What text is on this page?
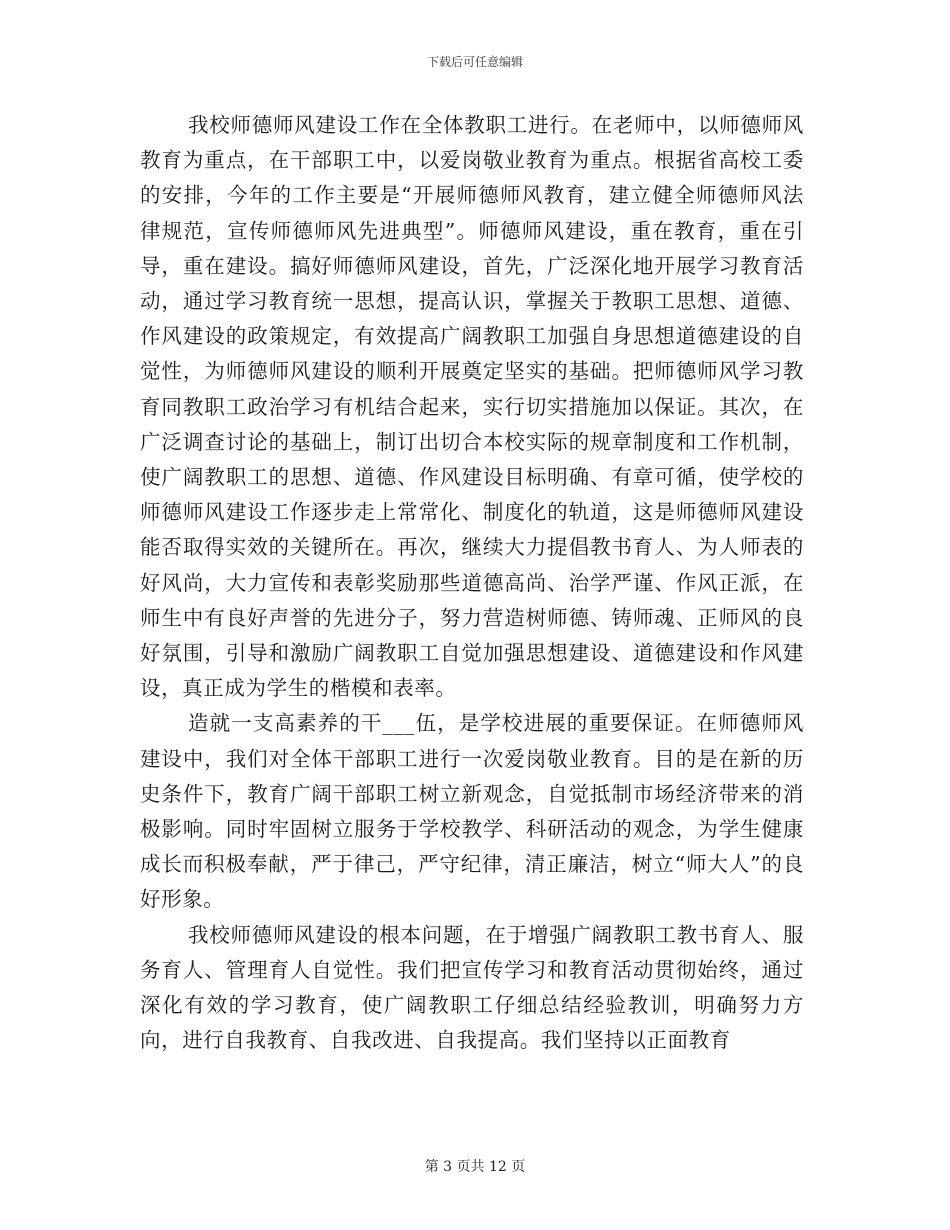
下载后可任意编辑

我校师德师风建设工作在全体教职工进行。在老师中，以师德师风教育为重点，在干部职工中，以爱岗敬业教育为重点。根据省高校工委的安排，今年的工作主要是“开展师德师风教育，建立健全师德师风法律规范，宣传师德师风先进典型”。师德师风建设，重在教育，重在引导，重在建设。搞好师德师风建设，首先，广泛深化地开展学习教育活动，通过学习教育统一思想，提高认识，掌握关于教职工思想、道德、作风建设的政策规定，有效提高广阔教职工加强自身思想道德建设的自觉性，为师德师风建设的顺利开展奠定坚实的基础。把师德师风学习教育同教职工政治学习有机结合起来，实行切实措施加以保证。其次，在广泛调查讨论的基础上，制订出切合本校实际的规章制度和工作机制，使广阔教职工的思想、道德、作风建设目标明确、有章可循，使学校的师德师风建设工作逐步走上常常化、制度化的轨道，这是师德师风建设能否取得实效的关键所在。再次，继续大力提倡教书育人、为人师表的好风尚，大力宣传和表彰奖励那些道德高尚、治学严谨、作风正派，在师生中有良好声誉的先进分子，努力营造树师德、铸师魂、正师风的良好氛围，引导和激励广阔教职工自觉加强思想建设、道德建设和作风建设，真正成为学生的楷模和表率。

造就一支高素养的干___伍，是学校进展的重要保证。在师德师风建设中，我们对全体干部职工进行一次爱岗敬业教育。目的是在新的历史条件下，教育广阔干部职工树立新观念，自觉抵制市场经济带来的消极影响。同时牢固树立服务于学校教学、科研活动的观念，为学生健康成长而积极奉献，严于律己，严守纪律，清正廉洁，树立“师大人”的良好形象。

我校师德师风建设的根本问题，在于增强广阔教职工教书育人、服务育人、管理育人自觉性。我们把宣传学习和教育活动贯彻始终，通过深化有效的学习教育，使广阔教职工仔细总结经验教训，明确努力方向，进行自我教育、自我改进、自我提高。我们坚持以正面教育

第 3 页共 12 页
